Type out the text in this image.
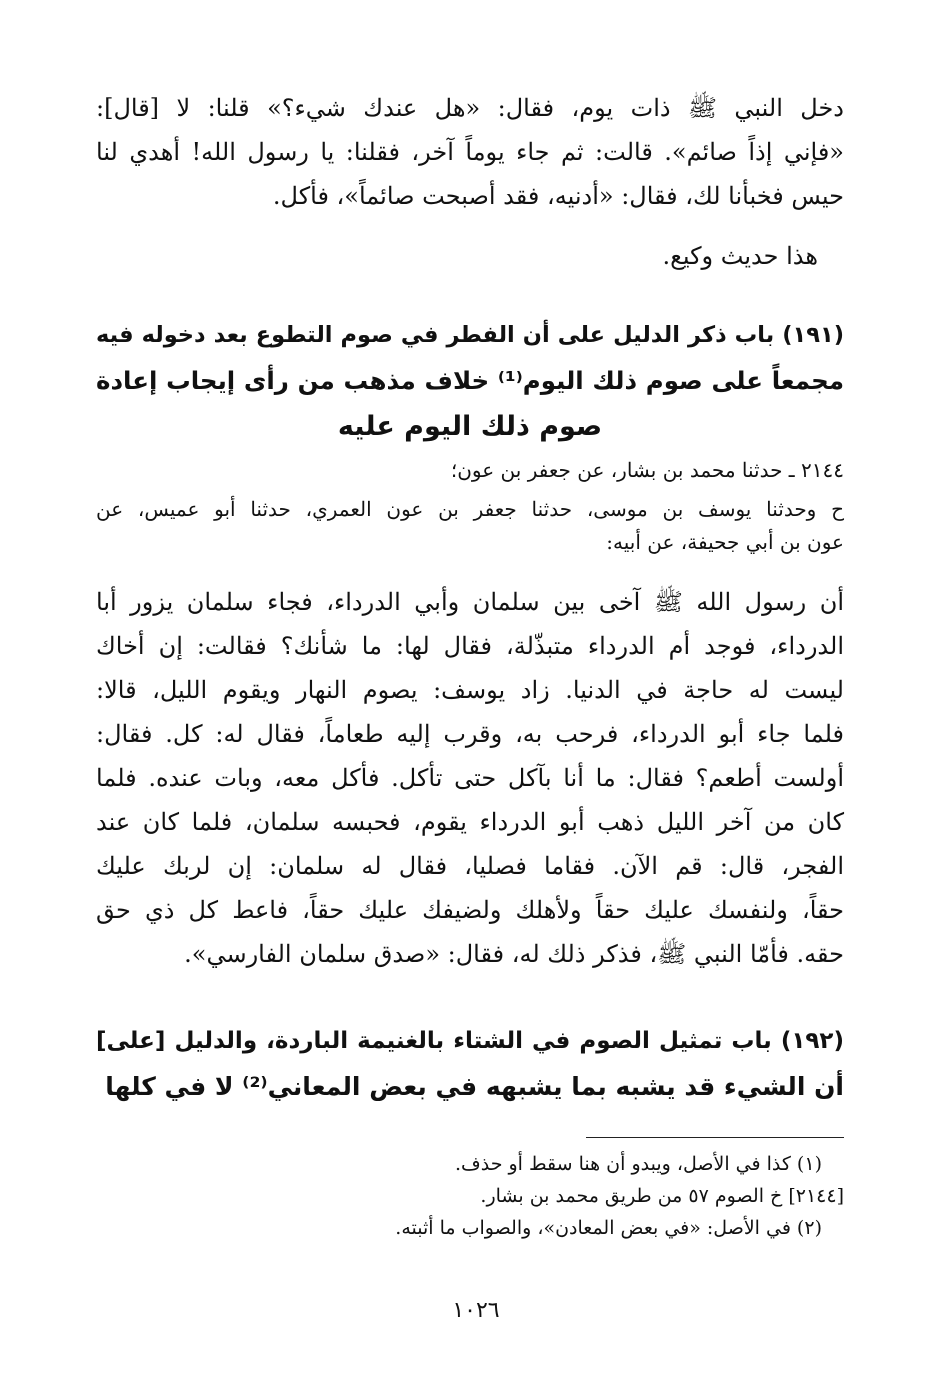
دخل النبي ﷺ ذات يوم، فقال: «هل عندك شيء؟» قلنا: لا [قال]:
«فإني إذاً صائم». قالت: ثم جاء يوماً آخر، فقلنا: يا رسول الله! أهدي لنا
حيس فخبأنا لك، فقال: «أدنيه، فقد أصبحت صائماً»، فأكل.
هذا حديث وكيع.
(١٩١) باب ذكر الدليل على أن الفطر في صوم التطوع بعد دخوله فيه
مجمعاً على صوم ذلك اليوم⁽¹⁾ خلاف مذهب من رأى إيجاب إعادة
صوم ذلك اليوم عليه
٢١٤٤ ـ حدثنا محمد بن بشار، عن جعفر بن عون؛
ح وحدثنا يوسف بن موسى، حدثنا جعفر بن عون العمري، حدثنا أبو عميس، عن
عون بن أبي جحيفة، عن أبيه:
أن رسول الله ﷺ آخى بين سلمان وأبي الدرداء، فجاء سلمان يزور أبا
الدرداء، فوجد أم الدرداء متبذّلة، فقال لها: ما شأنك؟ فقالت: إن أخاك
ليست له حاجة في الدنيا. زاد يوسف: يصوم النهار ويقوم الليل، قالا:
فلما جاء أبو الدرداء، فرحب به، وقرب إليه طعاماً، فقال له: كل. فقال:
أولست أطعم؟ فقال: ما أنا بآكل حتى تأكل. فأكل معه، وبات عنده. فلما
كان من آخر الليل ذهب أبو الدرداء يقوم، فحبسه سلمان، فلما كان عند
الفجر، قال: قم الآن. فقاما فصليا، فقال له سلمان: إن لربك عليك
حقاً، ولنفسك عليك حقاً ولأهلك ولضيفك عليك حقاً، فاعط كل ذي حق
حقه. فأمّا النبي ﷺ، فذكر ذلك له، فقال: «صدق سلمان الفارسي».
(١٩٢) باب تمثيل الصوم في الشتاء بالغنيمة الباردة، والدليل [على]
أن الشيء قد يشبه بما يشبهه في بعض المعاني⁽²⁾ لا في كلها
(١) كذا في الأصل، ويبدو أن هنا سقط أو حذف.
[٢١٤٤] خ الصوم ٥٧ من طريق محمد بن بشار.
(٢) في الأصل: «في بعض المعادن»، والصواب ما أثبته.
١٠٢٦
